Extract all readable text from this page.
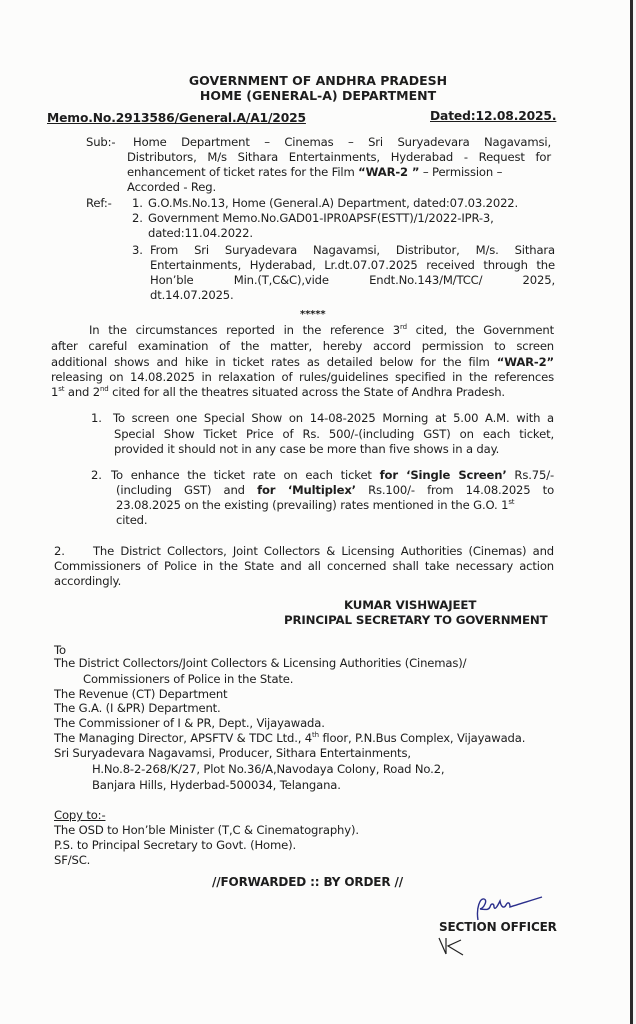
GOVERNMENT OF ANDHRA PRADESH
HOME (GENERAL-A) DEPARTMENT
Memo.No.2913586/General.A/A1/2025	Dated:12.08.2025.
Sub:- Home Department – Cinemas – Sri Suryadevara Nagavamsi,
Distributors, M/s Sithara Entertainments, Hyderabad - Request for
enhancement of ticket rates for the Film “WAR-2 ” – Permission –
Accorded - Reg.
Ref:- 1. G.O.Ms.No.13, Home (General.A) Department, dated:07.03.2022.
2. Government Memo.No.GAD01-IPR0APSF(ESTT)/1/2022-IPR-3,
dated:11.04.2022.
3. From Sri Suryadevara Nagavamsi, Distributor, M/s. Sithara
Entertainments, Hyderabad, Lr.dt.07.07.2025 received through the
Hon’ble Min.(T,C&C),vide Endt.No.143/M/TCC/ 2025,
dt.14.07.2025.
*****
In the circumstances reported in the reference 3rd cited, the Government
after careful examination of the matter, hereby accord permission to screen
additional shows and hike in ticket rates as detailed below for the film “WAR-2”
releasing on 14.08.2025 in relaxation of rules/guidelines specified in the references
1st and 2nd cited for all the theatres situated across the State of Andhra Pradesh.
1. To screen one Special Show on 14-08-2025 Morning at 5.00 A.M. with a
Special Show Ticket Price of Rs. 500/-(including GST) on each ticket,
provided it should not in any case be more than five shows in a day.
2. To enhance the ticket rate on each ticket for ‘Single Screen’ Rs.75/-
(including GST) and for ‘Multiplex’ Rs.100/- from 14.08.2025 to
23.08.2025 on the existing (prevailing) rates mentioned in the G.O. 1st
cited.
2. The District Collectors, Joint Collectors & Licensing Authorities (Cinemas) and
Commissioners of Police in the State and all concerned shall take necessary action
accordingly.
KUMAR VISHWAJEET
PRINCIPAL SECRETARY TO GOVERNMENT
To
The District Collectors/Joint Collectors & Licensing Authorities (Cinemas)/
Commissioners of Police in the State.
The Revenue (CT) Department
The G.A. (I &PR) Department.
The Commissioner of I & PR, Dept., Vijayawada.
The Managing Director, APSFTV & TDC Ltd., 4th floor, P.N.Bus Complex, Vijayawada.
Sri Suryadevara Nagavamsi, Producer, Sithara Entertainments,
H.No.8-2-268/K/27, Plot No.36/A,Navodaya Colony, Road No.2,
Banjara Hills, Hyderbad-500034, Telangana.
Copy to:-
The OSD to Hon’ble Minister (T,C & Cinematography).
P.S. to Principal Secretary to Govt. (Home).
SF/SC.
//FORWARDED :: BY ORDER //
SECTION OFFICER
